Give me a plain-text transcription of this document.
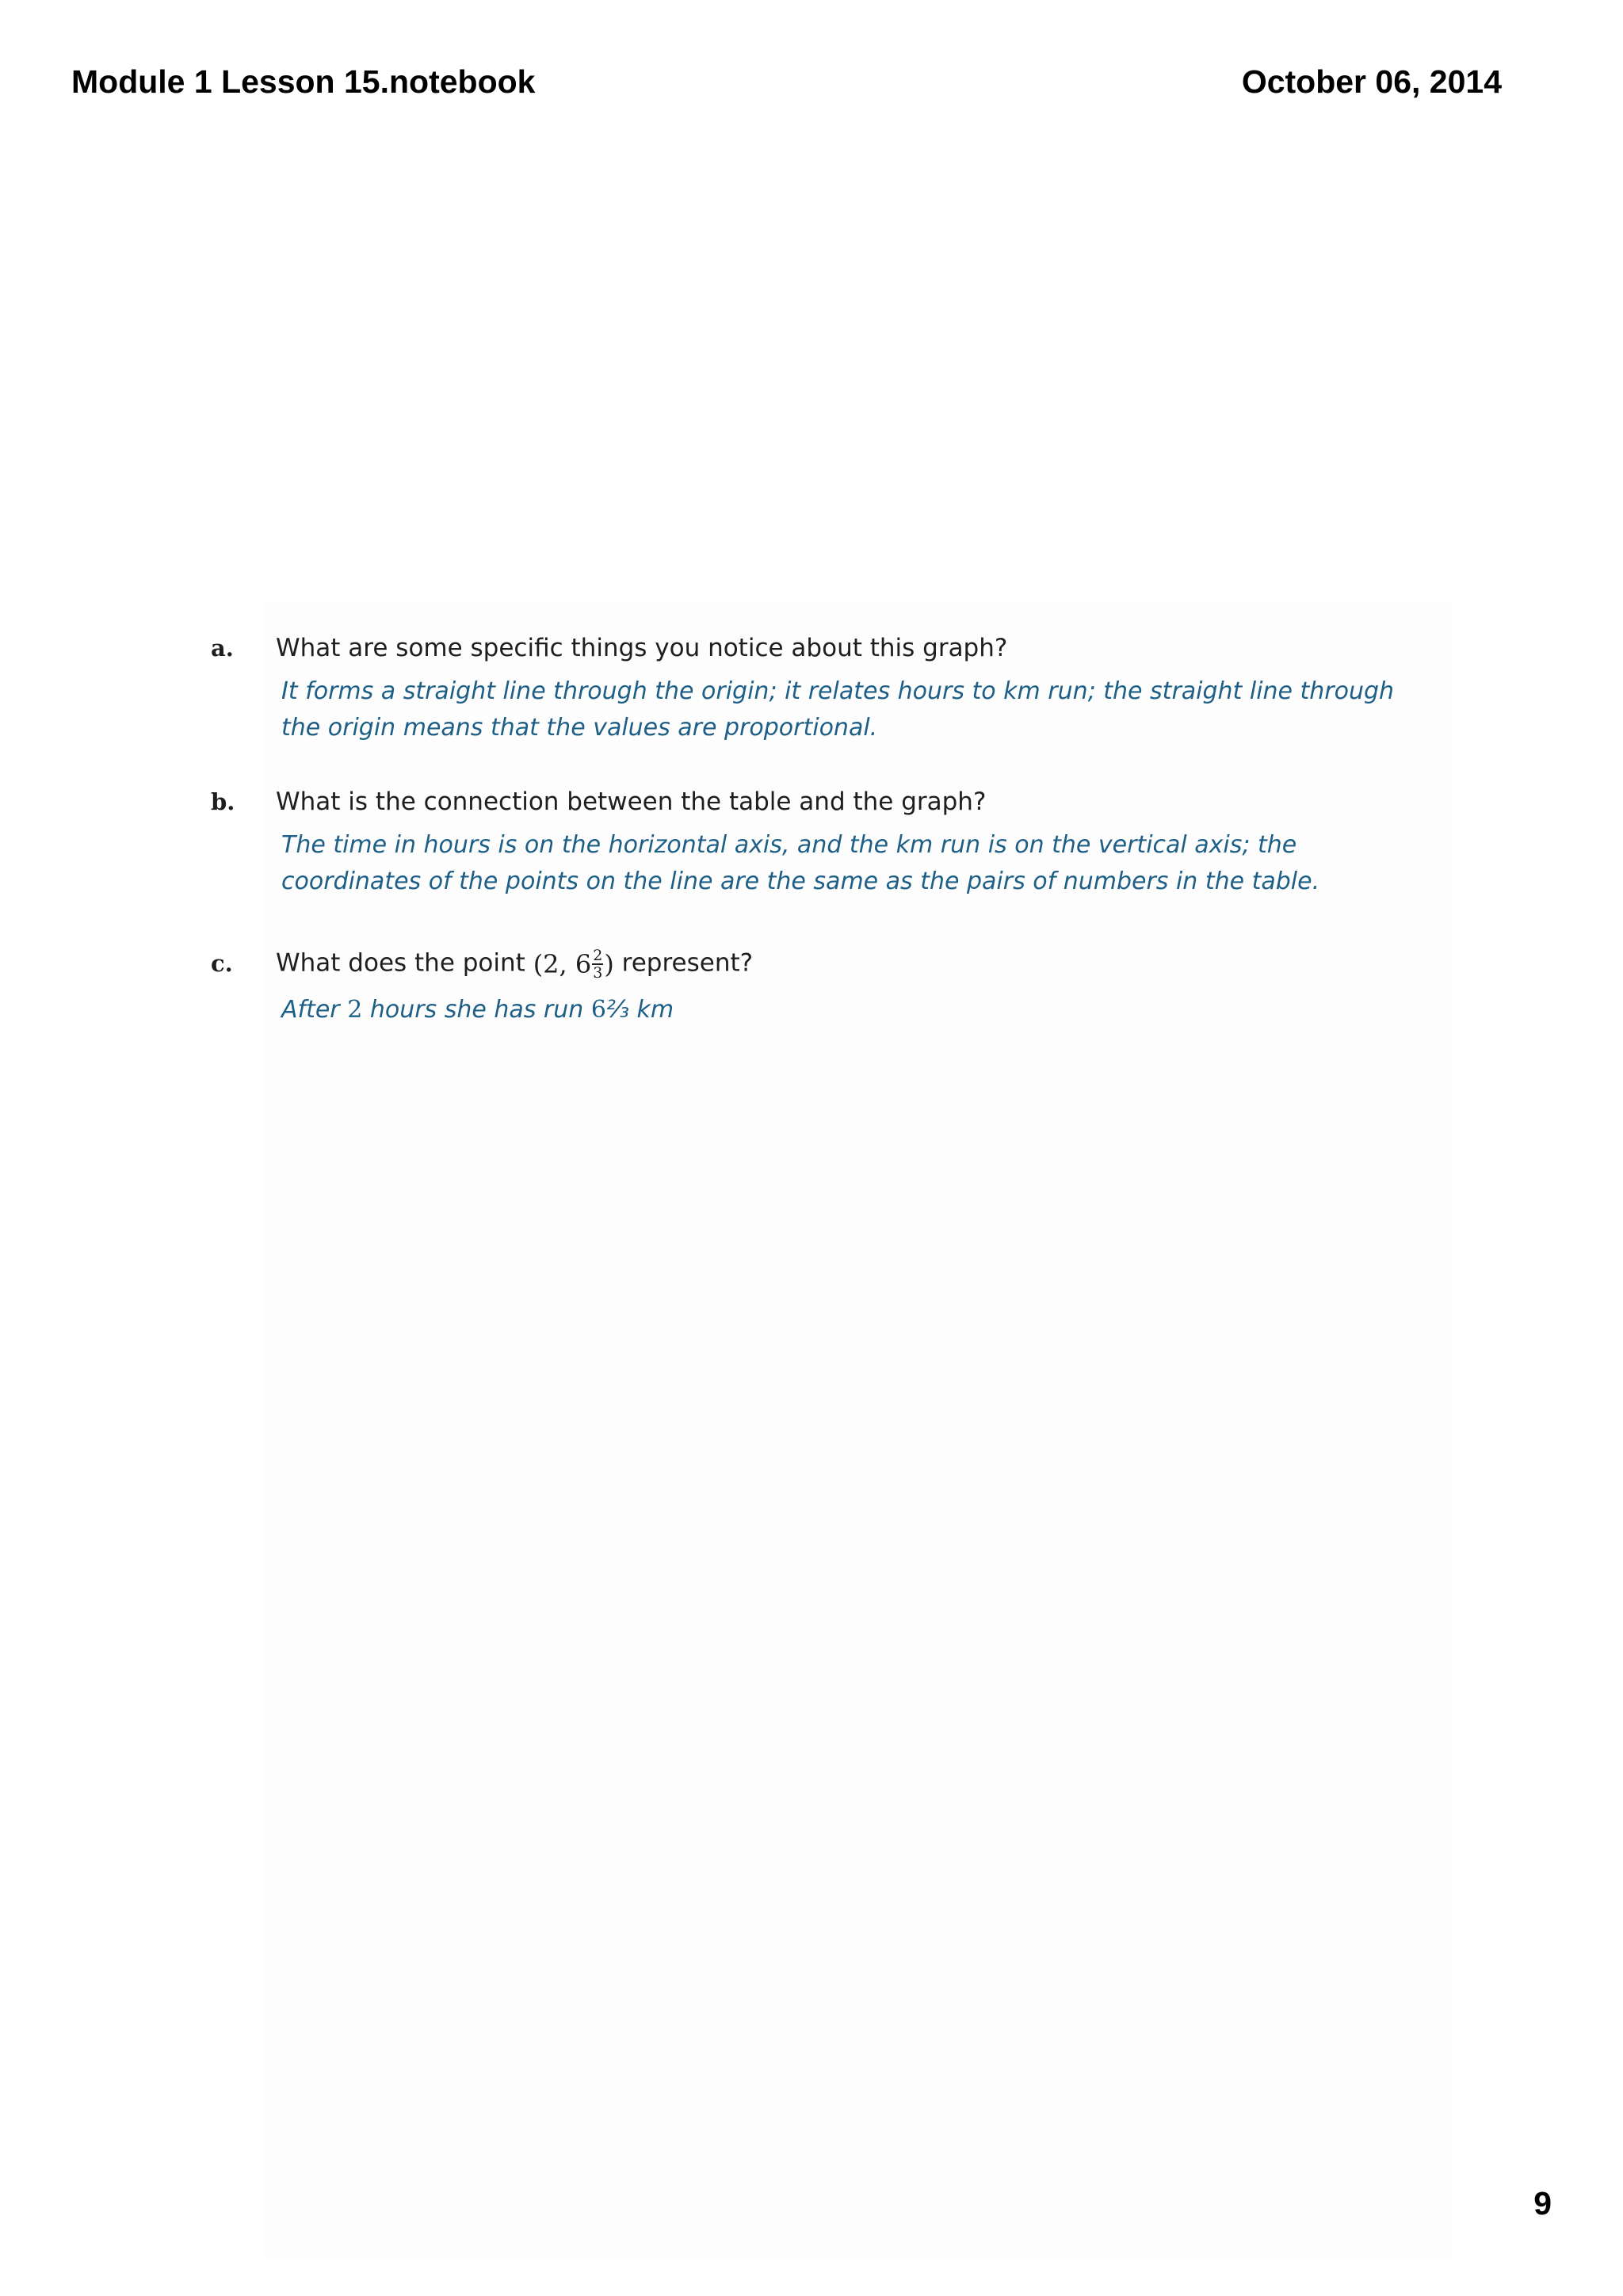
Module 1 Lesson 15.notebook	October 06, 2014
a.	What are some specific things you notice about this graph?
It forms a straight line through the origin; it relates hours to km run; the straight line through the origin means that the values are proportional.
b.	What is the connection between the table and the graph?
The time in hours is on the horizontal axis, and the km run is on the vertical axis; the coordinates of the points on the line are the same as the pairs of numbers in the table.
c.	What does the point (2, $6 \frac{2}{3}$ ) represent?
After 2 hours she has run 6⅔ km
9
